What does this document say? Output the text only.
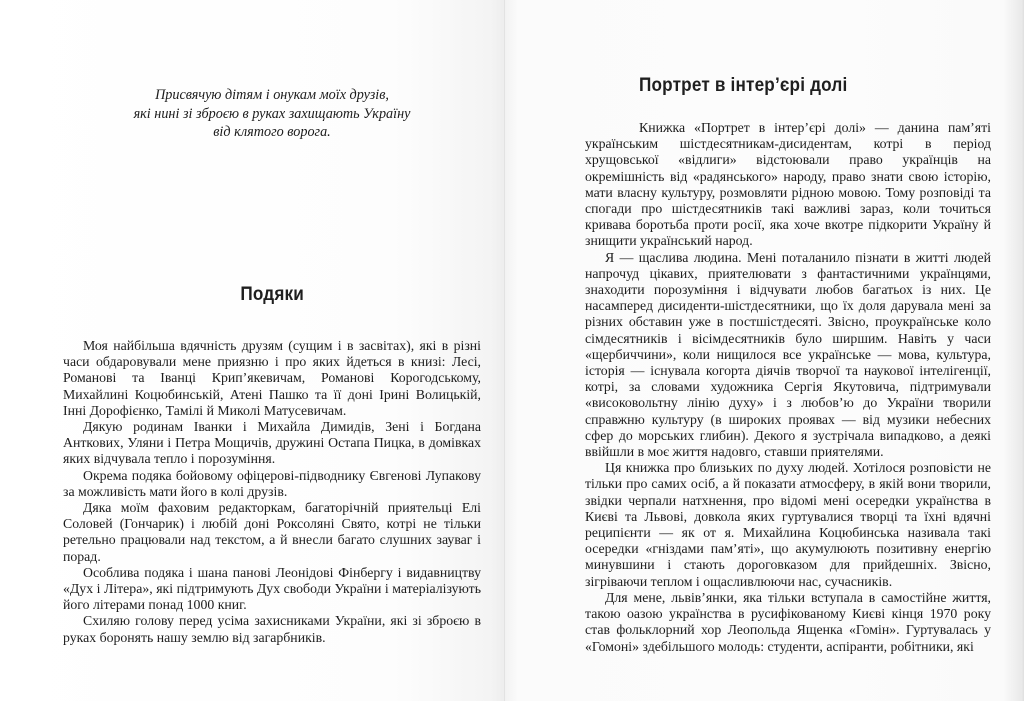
Присвячую дітям і онукам моїх друзів,
які нині зі зброєю в руках захищають Україну
від клятого ворога.
Подяки

Моя найбільша вдячність друзям (сущим і в засвітах), які в різні часи обдаровували мене приязню і про яких йдеться в книзі: Лесі, Романові та Іванці Крип’якевичам, Романові Корогодському, Михайлині Коцюбинській, Атені Пашко та її доні Ірині Волицькій, Інні Дорофієнко, Тамілі й Миколі Матусевичам.

Дякую родинам Іванки і Михайла Димидів, Зені і Богдана Анткових, Уляни і Петра Мощичів, дружині Остапа Пицка, в домівках яких відчувала тепло і порозуміння.

Окрема подяка бойовому офіцерові-підводнику Євгенові Лупакову за можливість мати його в колі друзів.

Дяка моїм фаховим редакторкам, багаторічній приятельці Елі Соловей (Гончарик) і любій доні Роксоляні Свято, котрі не тільки ретельно працювали над текстом, а й внесли багато слушних зауваг і порад.

Особлива подяка і шана панові Леонідові Фінбергу і видавництву «Дух і Літера», які підтримують Дух свободи України і матеріалізують його літерами понад 1000 книг.

Схиляю голову перед усіма захисниками України, які зі зброєю в руках боронять нашу землю від загарбників.

Портрет в інтер’єрі долі

Книжка «Портрет в інтер’єрі долі» — данина пам’яті українським шістдесятникам-дисидентам, котрі в період хрущовської «відлиги» відстоювали право українців на окремішність від «радянського» народу, право знати свою історію, мати власну культуру, розмовляти рідною мовою. Тому розповіді та спогади про шістдесятників такі важливі зараз, коли точиться кривава боротьба проти росії, яка хоче вкотре підкорити Україну й знищити український народ.

Я — щаслива людина. Мені поталанило пізнати в житті людей напрочуд цікавих, приятелювати з фантастичними українцями, знаходити порозуміння і відчувати любов багатьох із них. Це насамперед дисиденти-шістдесятники, що їх доля дарувала мені за різних обставин уже в постшістдесяті. Звісно, проукраїнське коло сімдесятників і вісімдесятників було ширшим. Навіть у часи «щербиччини», коли нищилося все українське — мова, культура, історія — існувала когорта діячів творчої та наукової інтелігенції, котрі, за словами художника Сергія Якутовича, підтримували «високовольтну лінію духу» і з любов’ю до України творили справжню культуру (в широких проявах — від музики небесних сфер до морських глибин). Декого я зустрічала випадково, а деякі ввійшли в моє життя надовго, ставши приятелями.

Ця книжка про близьких по духу людей. Хотілося розповісти не тільки про самих осіб, а й показати атмосферу, в якій вони творили, звідки черпали натхнення, про відомі мені осередки українства в Києві та Львові, довкола яких гуртувалися творці та їхні вдячні реципієнти — як от я. Михайлина Коцюбинська називала такі осередки «гніздами пам’яті», що акумулюють позитивну енергію минувшини і стають дороговказом для прийдешніх. Звісно, зігріваючи теплом і ощасливлюючи нас, сучасників.

Для мене, львів’янки, яка тільки вступала в самостійне життя, такою оазою українства в русифікованому Києві кінця 1970 року став фольклорний хор Леопольда Ященка «Гомін». Гуртувалась у «Гомоні» здебільшого молодь: студенти, аспіранти, робітники, які
